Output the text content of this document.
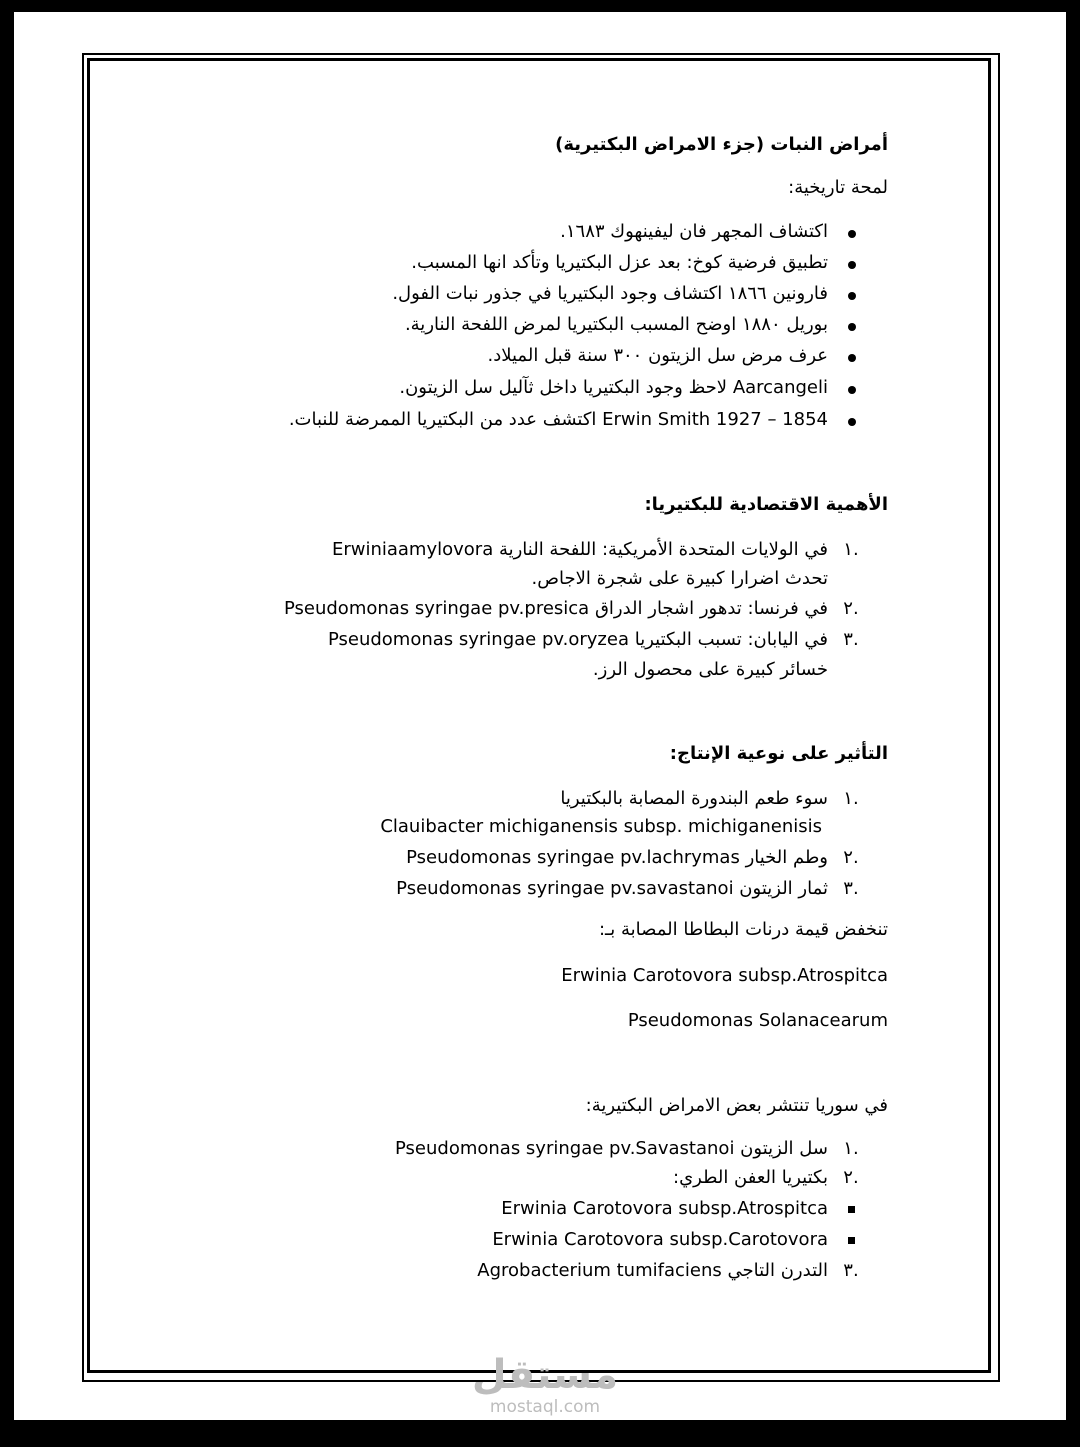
أمراض النبات (جزء الامراض البكتيرية)
لمحة تاريخية:
اكتشاف المجهر فان ليفينهوك ١٦٨٣.
تطبيق فرضية كوخ: بعد عزل البكتيريا وتأكد انها المسبب.
فارونين ١٨٦٦ اكتشاف وجود البكتيريا في جذور نبات الفول.
بوريل ١٨٨٠ اوضح المسبب البكتيريا لمرض اللفحة النارية.
عرف مرض سل الزيتون ٣٠٠ سنة قبل الميلاد.
Aarcangeli لاحظ وجود البكتيريا داخل ثآليل سل الزيتون.
Erwin Smith 1927 – 1854 اكتشف عدد من البكتيريا الممرضة للنبات.
الأهمية الاقتصادية للبكتيريا:
١.
في الولايات المتحدة الأمريكية: اللفحة النارية Erwiniaamylovora
تحدث اضرارا كبيرة على شجرة الاجاص.
٢.
في فرنسا: تدهور اشجار الدراق Pseudomonas syringae pv.presica
٣.
في اليابان: تسبب البكتيريا Pseudomonas syringae pv.oryzea
خسائر كبيرة على محصول الرز.
التأثير على نوعية الإنتاج:
١.
سوء طعم البندورة المصابة بالبكتيريا
Clauibacter michiganensis subsp. michiganenisis
٢.
وطم الخيار Pseudomonas syringae pv.lachrymas
٣.
ثمار الزيتون Pseudomonas syringae pv.savastanoi
تنخفض قيمة درنات البطاطا المصابة بـ:
Erwinia Carotovora subsp.Atrospitca
Pseudomonas Solanacearum
في سوريا تنتشر بعض الامراض البكتيرية:
١.
سل الزيتون Pseudomonas syringae pv.Savastanoi
٢.
بكتيريا العفن الطري:
Erwinia Carotovora subsp.Atrospitca
Erwinia Carotovora subsp.Carotovora
٣.
التدرن التاجي Agrobacterium tumifaciens
مستقل
mostaql.com
